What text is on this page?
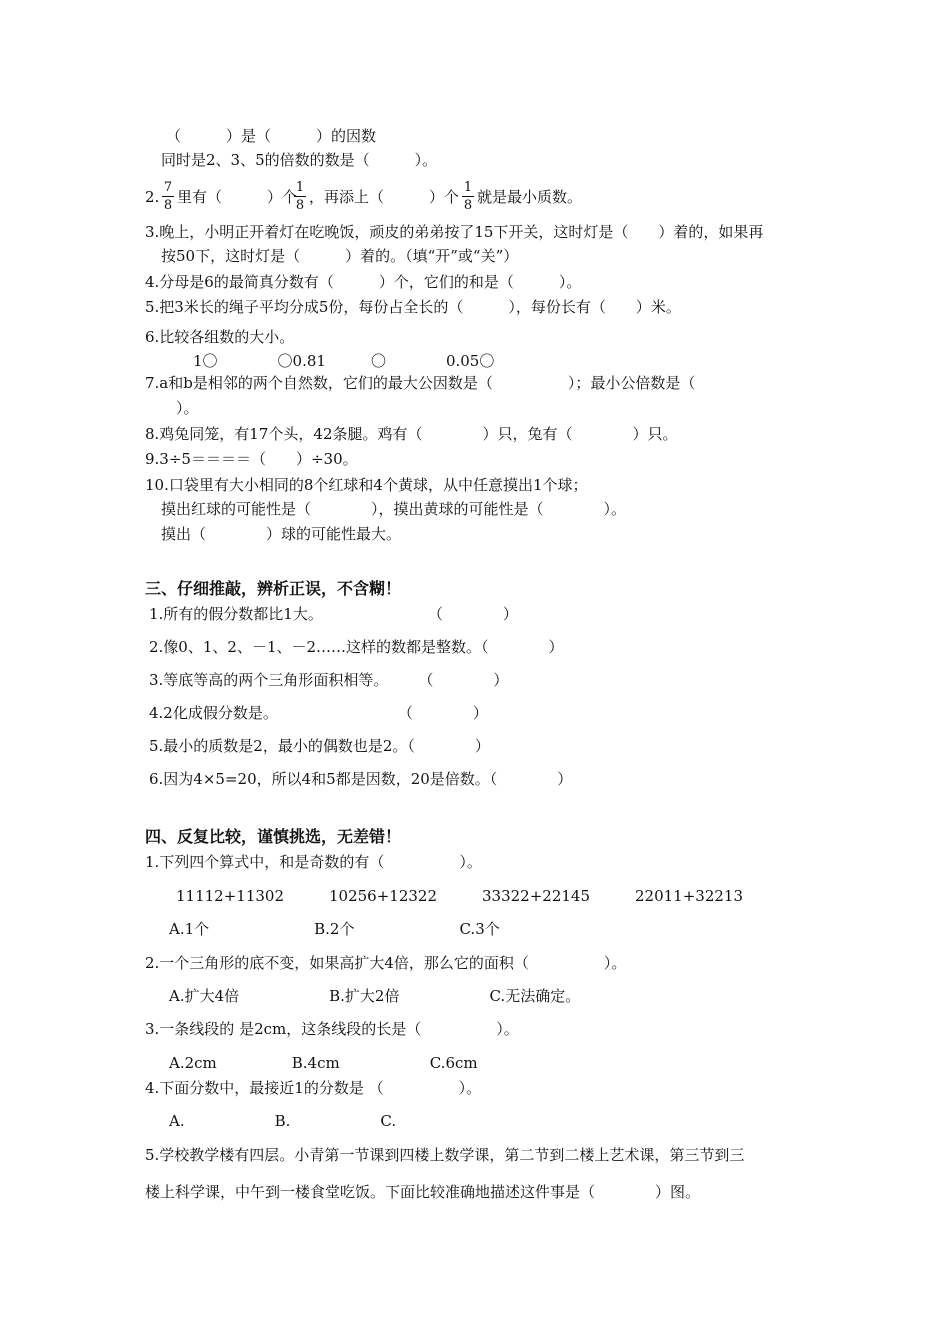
（　　　）是（　　　）的因数
同时是2、3、5的倍数的数是（　　　）。
2.
7
8 里有（　　　）个
1
8 ，再添上（　　　）个
1
8 就是最小质数。
3.晚上，小明正开着灯在吃晚饭，顽皮的弟弟按了15下开关，这时灯是（　　）着的，如果再
按50下，这时灯是（　　　）着的。（填“开”或“关”）
4.分母是6的最简真分数有（　　　）个，它们的和是（　　　）。
5.把3米长的绳子平均分成5份，每份占全长的（　　　），每份长有（　　）米。
6.比较各组数的大小。
1〇　　　　〇0.81　　　〇　　　　0.05〇
7.a和b是相邻的两个自然数，它们的最大公因数是（　　　　　）；最小公倍数是（
　）。
8.鸡兔同笼，有17个头，42条腿。鸡有（　　　　）只，兔有（　　　　）只。
9.3÷5＝＝＝＝（　　）÷30。
10.口袋里有大小相同的8个红球和4个黄球，从中任意摸出1个球；
摸出红球的可能性是（　　　　），摸出黄球的可能性是（　　　　）。
摸出（　　　　）球的可能性最大。
三、仔细推敲，辨析正误，不含糊！
1.所有的假分数都比1大。　　　　　　　　（　　　　）
2.像0、1、2、－1、－2……这样的数都是整数。（　　　　）
3.等底等高的两个三角形面积相等。　　　（　　　　）
4.2化成假分数是。　　　　　　　　　（　　　　）
5.最小的质数是2，最小的偶数也是2。（　　　　）
6.因为4×5=20，所以4和5都是因数，20是倍数。（　　　　）
四、反复比较，谨慎挑选，无差错！
1.下列四个算式中，和是奇数的有（　　　　　）。
11112+11302　　　10256+12322　　　33322+22145　　　22011+32213
A.1个　　　　　　　B.2个　　　　　　　C.3个
2.一个三角形的底不变，如果高扩大4倍，那么它的面积（　　　　　）。
A.扩大4倍　　　　　　B.扩大2倍　　　　　　C.无法确定。
3.一条线段的 是2cm，这条线段的长是（　　　　　）。
A.2cm　　　　　B.4cm　　　　　　C.6cm
4.下面分数中，最接近1的分数是 （　　　　　）。
A.　　　　　　B.　　　　　　C.
5.学校教学楼有四层。小青第一节课到四楼上数学课，第二节到二楼上艺术课，第三节到三
楼上科学课，中午到一楼食堂吃饭。下面比较准确地描述这件事是（　　　　）图。
